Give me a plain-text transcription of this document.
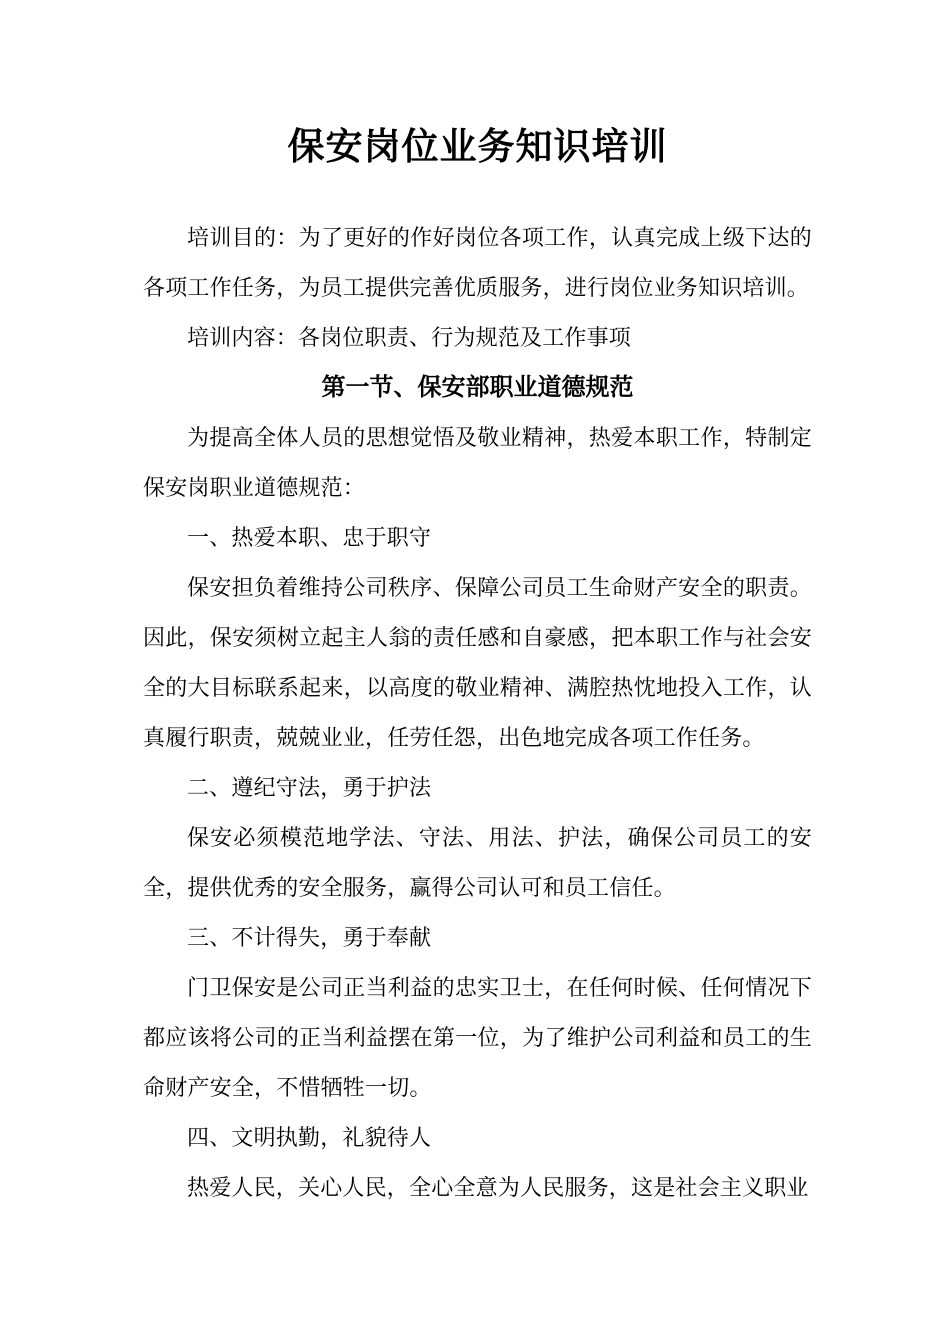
保安岗位业务知识培训

培训目的：为了更好的作好岗位各项工作，认真完成上级下达的各项工作任务，为员工提供完善优质服务，进行岗位业务知识培训。

培训内容：各岗位职责、行为规范及工作事项

第一节、保安部职业道德规范

为提高全体人员的思想觉悟及敬业精神，热爱本职工作，特制定保安岗职业道德规范：

一、热爱本职、忠于职守

保安担负着维持公司秩序、保障公司员工生命财产安全的职责。因此，保安须树立起主人翁的责任感和自豪感，把本职工作与社会安全的大目标联系起来，以高度的敬业精神、满腔热忱地投入工作，认真履行职责，兢兢业业，任劳任怨，出色地完成各项工作任务。

二、遵纪守法，勇于护法

保安必须模范地学法、守法、用法、护法，确保公司员工的安全，提供优秀的安全服务，赢得公司认可和员工信任。

三、不计得失，勇于奉献

门卫保安是公司正当利益的忠实卫士，在任何时候、任何情况下都应该将公司的正当利益摆在第一位，为了维护公司利益和员工的生命财产安全，不惜牺牲一切。

四、文明执勤，礼貌待人

热爱人民，关心人民，全心全意为人民服务，这是社会主义职业
